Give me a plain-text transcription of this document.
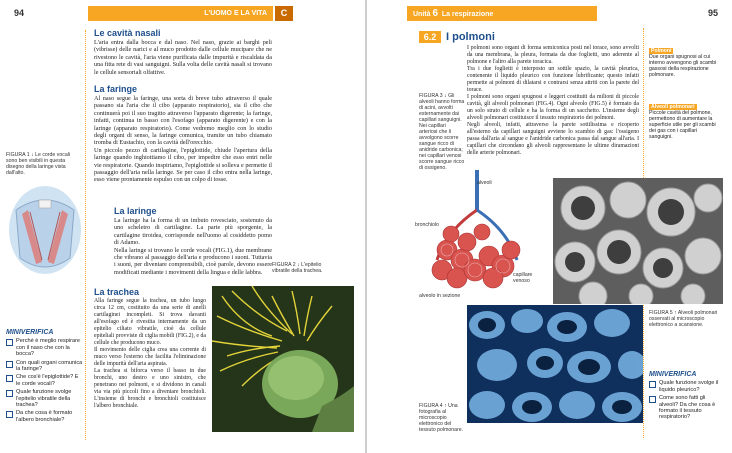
94	L'UOMO E LA VITA	C
FIGURA 1 ↓ Le corde vocali sono ben visibili in questa disegno della laringe vista dall'alto.
Le cavità nasali
L'aria entra dalla bocca e dal naso. Nel naso, grazie ai barghi peli (vibrisse) delle narici e al muco prodotto dalle cellule mucipare che ne rivestono le cavità, l'aria viene purificata dalle impurità e riscaldata da una fitta rete di vasi sanguigni. Sulla volta delle cavità nasali si trovano le cellule sensoriali olfattive.
La faringe
Al naso segue la faringe, una sorta di breve tubo attraverso il quale passano sia l'aria che il cibo (apparato respiratorio), sia il cibo che continuerà poi il suo tragitto attraverso l'apparato digerente; la faringe, infatti, continua in basso con l'esofago (apparato digerente) e con la laringe (apparato respiratorio). Come vedremo meglio con lo studio degli organi di senso, la faringe comunica, tramite un tubo chiamato tromba di Eustachio, con la cavità dell'orecchio.
Un piccolo pezzo di cartilagine, l'epiglottide, chiude l'apertura della laringe quando inghiottiamo il cibo, per impedire che esso entri nelle vie respiratorie. Quando inspiriamo, l'epiglottide si solleva e permette il passaggio dell'aria nella laringe. Se per caso il cibo entra nella laringe, esso viene prontamente espulso con un colpo di tosse.
La laringe
La laringe ha la forma di un imbuto rovesciato, sostenuto da uno scheletro di cartilagine. La parte più sporgente, la cartilagine tiroidea, corrisponde nell'uomo al cosiddetto pomo di Adamo.
Nella laringe si trovano le corde vocali (FIG.1), due membrane che vibrano al passaggio dell'aria e producono i suoni. Tuttavia i suoni, per diventare comprensibili, cioè parole, devono essere modificati mediante i movimenti della lingua e delle labbra.
La trachea
Alla faringe segue la trachea, un tubo lungo circa 12 cm, costituito da una serie di anelli cartilaginei incompleti. Si trova davanti all'esofago ed è rivestita internamente da un epitelio ciliato vibratile, cioè da cellule epiteliali provviste di ciglia mobili (FIG.2), e da cellule che producono muco.
Il movimento delle ciglia crea una corrente di muco verso l'esterno che facilita l'eliminazione delle impurità dell'aria aspirata.
La trachea si biforca verso il basso in due bronchi, uno destro e uno sinistro, che penetrano nei polmoni, e si dividono in canali via via più piccoli fino a diventare bronchioli. L'insieme di bronchi e bronchioli costituisce l'albero bronchiale.
FIGURA 2 ↓ L'epitelio vibratile della trachea.
MINIVERIFICA
Perché è meglio respirare con il naso che con la bocca?
Con quali organi comunica la faringe?
Che cos'è l'epiglottide? E le corde vocali?
Quale funzione svolge l'epitelio vibratile della trachea?
Da che cosa è formato l'albero bronchiale?
Unità 6 La respirazione	95
6.2 I polmoni
I polmoni sono organi di forma semiconica posti nel torace, sono avvolti da una membrana, la pleura, formata da due foglietti, uno aderente al polmone e l'altro alla parete toracica.
Tra i due foglietti è interposto un sottile spazio, la cavità pleurica, contenente il liquido pleurico con funzione lubrificante; questo infatti permette ai polmoni di dilatarsi e contrarsi senza attriti con la parete del torace.
I polmoni sono organi spugnosi e leggeri costituiti da milioni di piccole cavità, gli alveoli polmonari (FIG.4). Ogni alveolo (FIG.5) è formato da un solo strato di cellule e ha la forma di un sacchetto. L'insieme degli alveoli polmonari costituisce il tessuto respiratorio dei polmoni.
Negli alveoli, infatti, attraverso la parete sottilissima e ricoperto all'esterno da capillari sanguigni avviene lo scambio di gas: l'ossigeno passa dall'aria al sangue e l'anidride carbonica passa dal sangue all'aria. I capillari che circondano gli alveoli rappresentano le ultime diramazioni delle arterie polmonari.
FIGURA 3 ↓ Gli alveoli hanno forma di acini, avvolti esternamente dai capillari sanguigni. Nei capillari arteriosi che li avvolgono scorre sangue ricco di anidride carbonica; nei capillari venosi scorre sangue ricco di ossigeno.
Polmoni
Due organi spugnosi al cui interno avvengono gli scambi gassosi della respirazione polmonare.
Alveoli polmonari
Piccole cavità del polmone, permettono di aumentare la superficie utile per gli scambi dei gas con i capillari sanguigni.
alveoli
bronchiolo
capillare venoso
alveolo in sezione
FIGURA 5 ↑ Alveoli polmonari osservati al microscopio elettronico a scansione.
FIGURA 4 ↑ Una fotografia al microscopio elettronico del tessuto polmonare.
MINIVERIFICA
Quale funzione svolge il liquido pleurico?
Come sono fatti gli alveoli? Da che cosa è formato il tessuto respiratorio?
